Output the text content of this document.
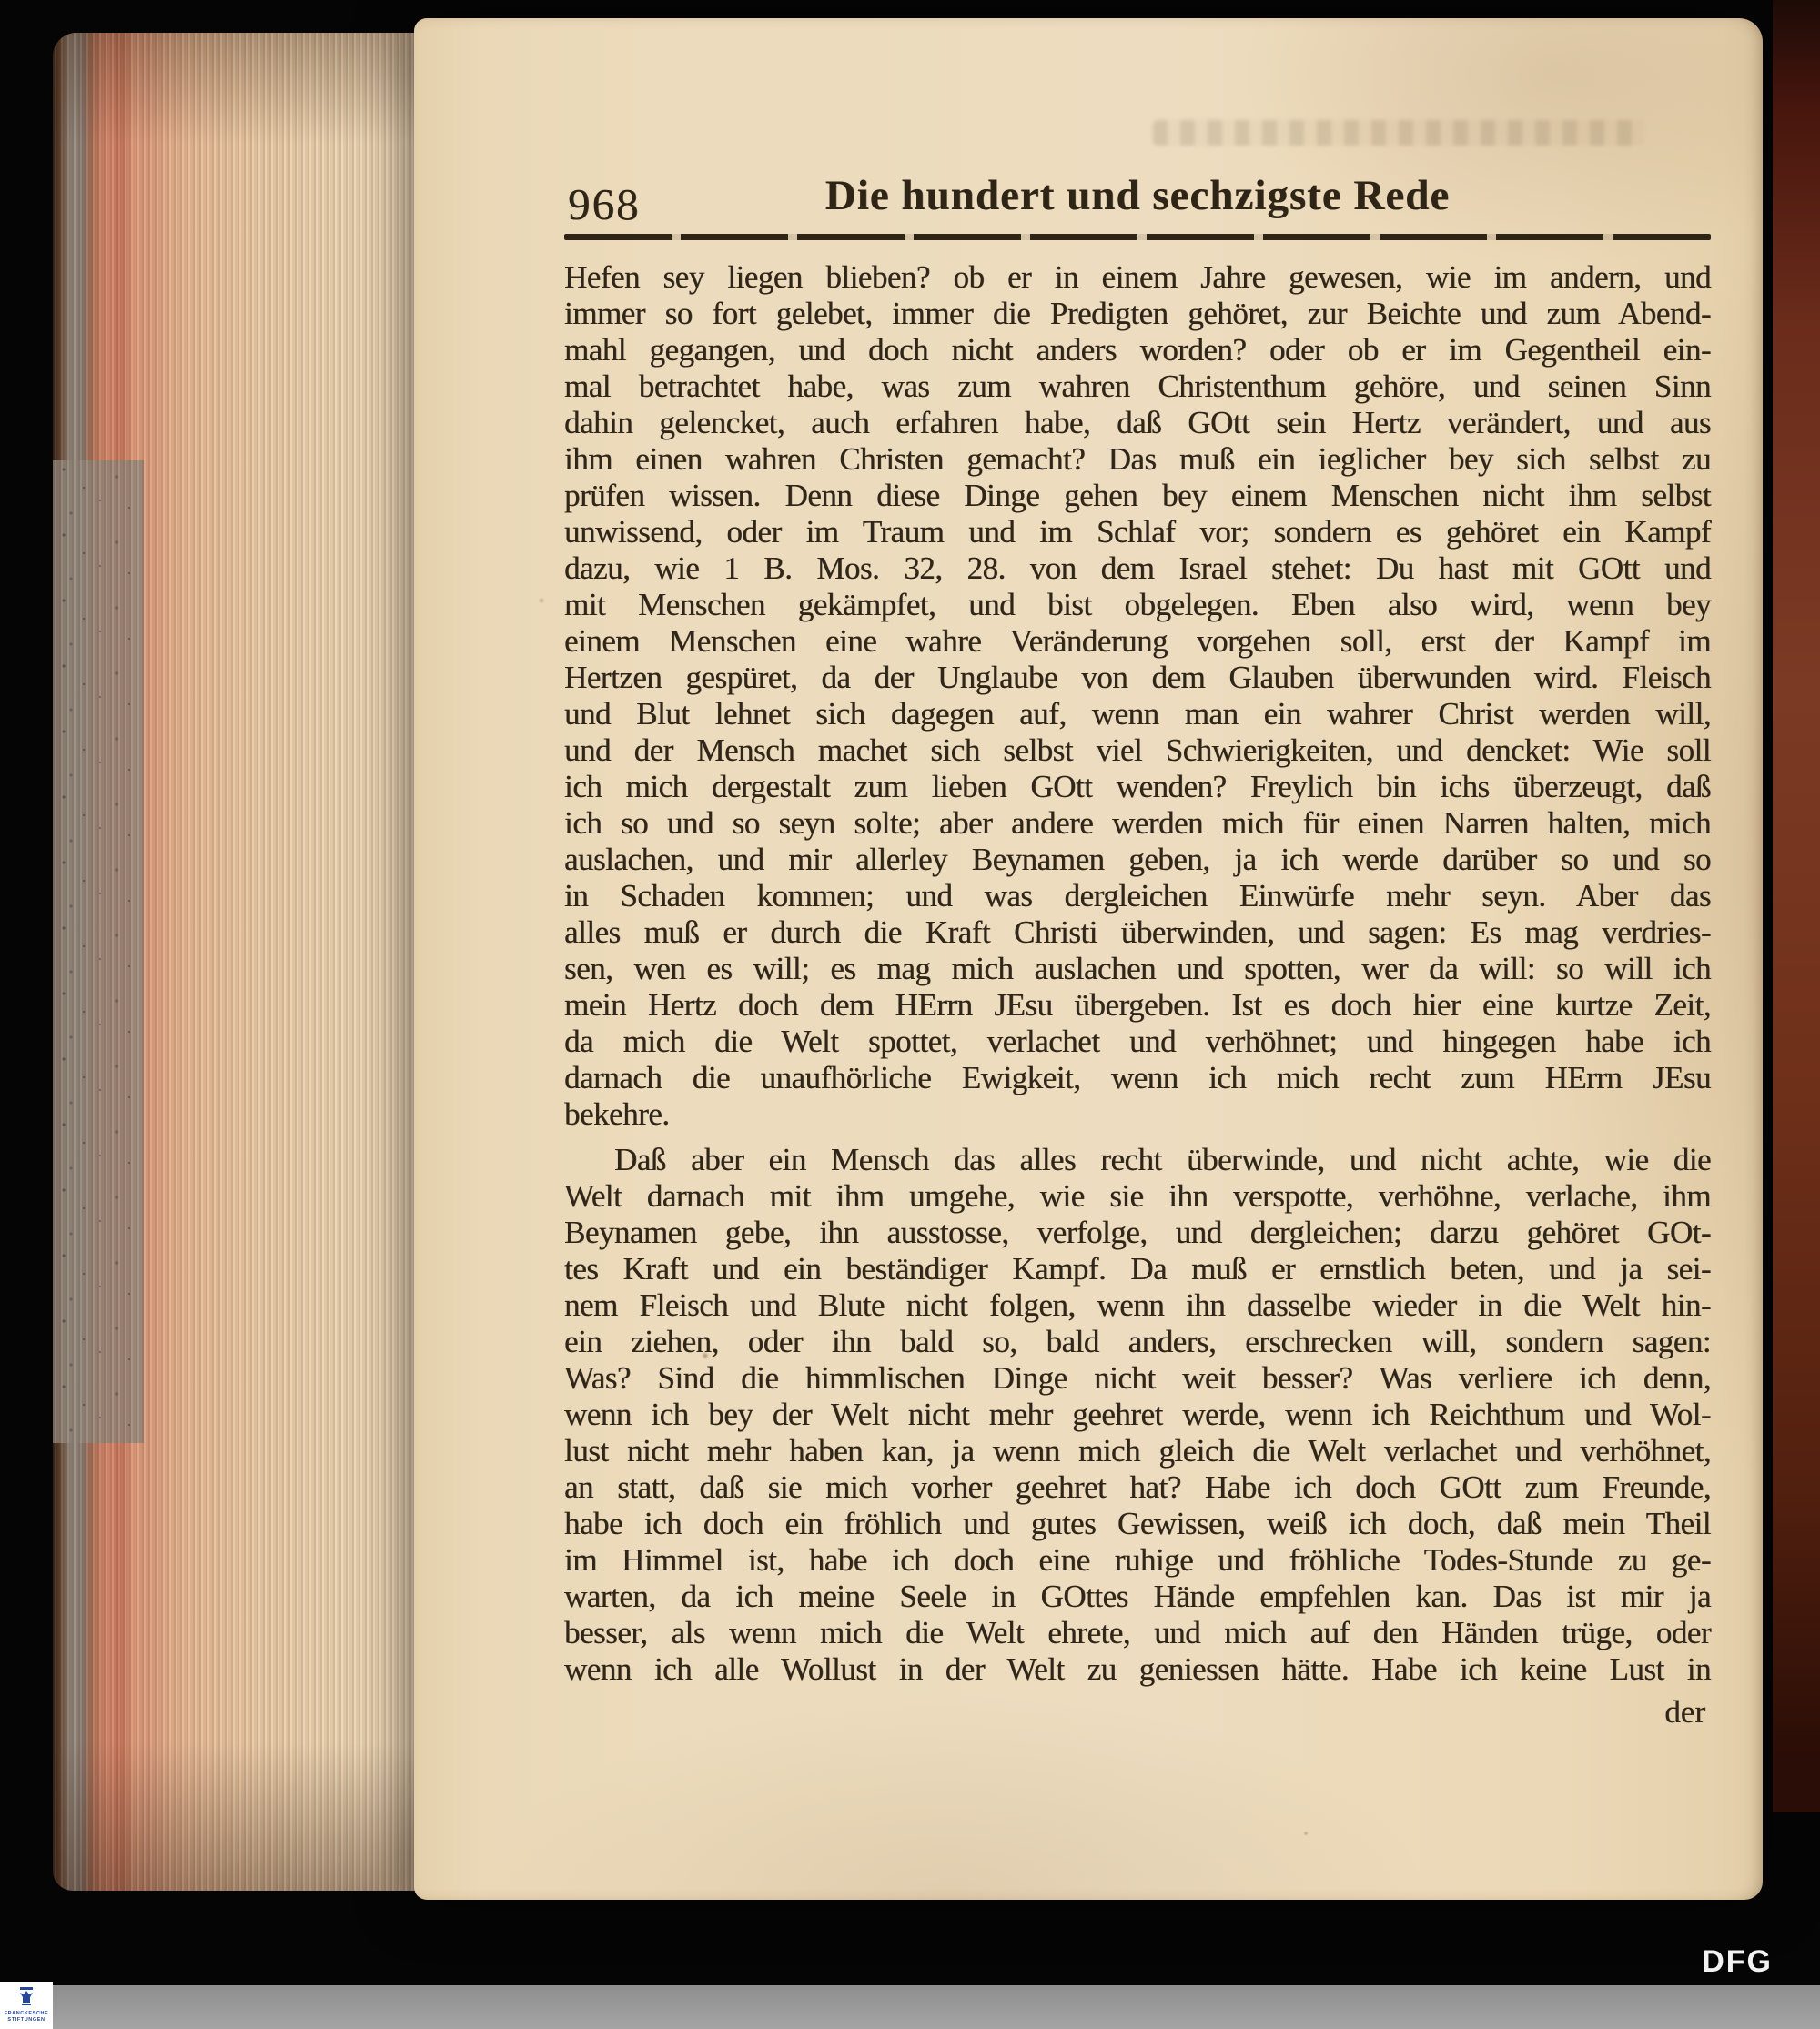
968	Die hundert und sechzigste Rede
Hefen sey liegen blieben? ob er in einem Jahre gewesen, wie im andern, und
immer so fort gelebet, immer die Predigten gehöret, zur Beichte und zum Abend-
mahl gegangen, und doch nicht anders worden? oder ob er im Gegentheil ein-
mal betrachtet habe, was zum wahren Christenthum gehöre, und seinen Sinn
dahin gelencket, auch erfahren habe, daß GOtt sein Hertz verändert, und aus
ihm einen wahren Christen gemacht? Das muß ein ieglicher bey sich selbst zu
prüfen wissen. Denn diese Dinge gehen bey einem Menschen nicht ihm selbst
unwissend, oder im Traum und im Schlaf vor; sondern es gehöret ein Kampf
dazu, wie 1 B. Mos. 32, 28. von dem Israel stehet: Du hast mit GOtt und
mit Menschen gekämpfet, und bist obgelegen. Eben also wird, wenn bey
einem Menschen eine wahre Veränderung vorgehen soll, erst der Kampf im
Hertzen gespüret, da der Unglaube von dem Glauben überwunden wird. Fleisch
und Blut lehnet sich dagegen auf, wenn man ein wahrer Christ werden will,
und der Mensch machet sich selbst viel Schwierigkeiten, und dencket: Wie soll
ich mich dergestalt zum lieben GOtt wenden? Freylich bin ichs überzeugt, daß
ich so und so seyn solte; aber andere werden mich für einen Narren halten, mich
auslachen, und mir allerley Beynamen geben, ja ich werde darüber so und so
in Schaden kommen; und was dergleichen Einwürfe mehr seyn. Aber das
alles muß er durch die Kraft Christi überwinden, und sagen: Es mag verdries-
sen, wen es will; es mag mich auslachen und spotten, wer da will: so will ich
mein Hertz doch dem HErrn JEsu übergeben. Ist es doch hier eine kurtze Zeit,
da mich die Welt spottet, verlachet und verhöhnet; und hingegen habe ich
darnach die unaufhörliche Ewigkeit, wenn ich mich recht zum HErrn JEsu
bekehre.
Daß aber ein Mensch das alles recht überwinde, und nicht achte, wie die
Welt darnach mit ihm umgehe, wie sie ihn verspotte, verhöhne, verlache, ihm
Beynamen gebe, ihn ausstosse, verfolge, und dergleichen; darzu gehöret GOt-
tes Kraft und ein beständiger Kampf. Da muß er ernstlich beten, und ja sei-
nem Fleisch und Blute nicht folgen, wenn ihn dasselbe wieder in die Welt hin-
ein ziehen, oder ihn bald so, bald anders, erschrecken will, sondern sagen:
Was? Sind die himmlischen Dinge nicht weit besser? Was verliere ich denn,
wenn ich bey der Welt nicht mehr geehret werde, wenn ich Reichthum und Wol-
lust nicht mehr haben kan, ja wenn mich gleich die Welt verlachet und verhöhnet,
an statt, daß sie mich vorher geehret hat? Habe ich doch GOtt zum Freunde,
habe ich doch ein fröhlich und gutes Gewissen, weiß ich doch, daß mein Theil
im Himmel ist, habe ich doch eine ruhige und fröhliche Todes-Stunde zu ge-
warten, da ich meine Seele in GOttes Hände empfehlen kan. Das ist mir ja
besser, als wenn mich die Welt ehrete, und mich auf den Händen trüge, oder
wenn ich alle Wollust in der Welt zu geniessen hätte. Habe ich keine Lust in
der
FRANCKESCHE
STIFTUNGEN
DFG
